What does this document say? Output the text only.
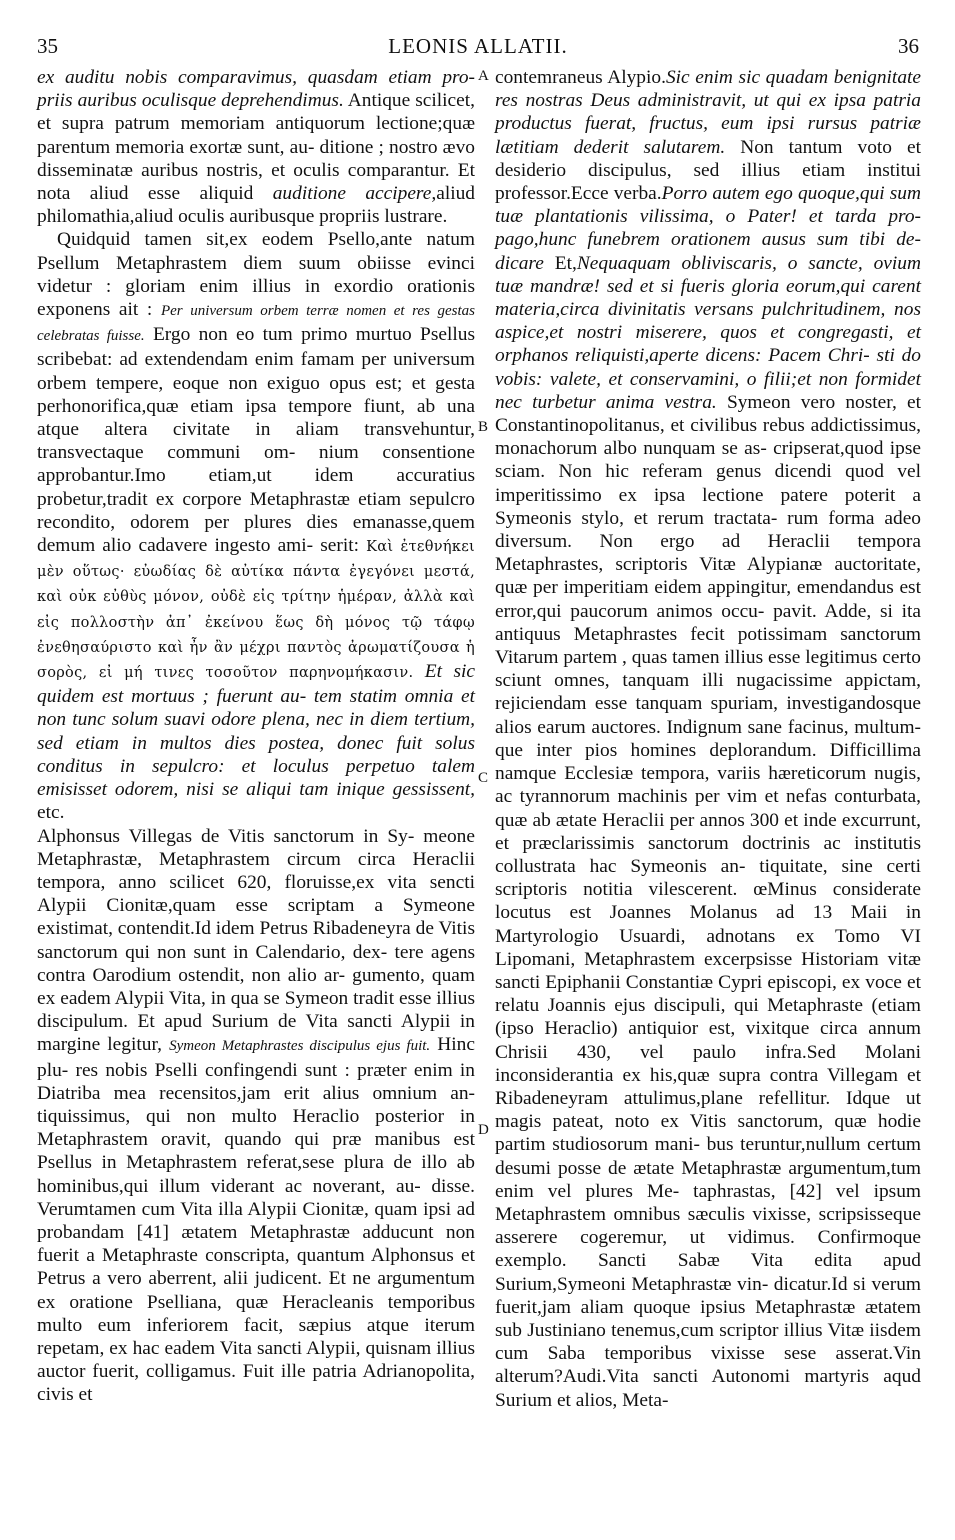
35	LEONIS ALLATII.	36
A
B
C
D

ex auditu nobis comparavimus, quasdam etiam pro- priis auribus oculisque deprehendimus. Antique scilicet, et supra patrum memoriam antiquorum lectione;quæ parentum memoria exortæ sunt, au- ditione ; nostro ævo disseminatæ auribus nostris, et oculis comparantur. Et nota aliud esse aliquid auditione accipere,aliud philomathia,aliud oculis auribusque propriis lustrare.

Quidquid tamen sit,ex eodem Psello,ante natum Psellum Metaphrastem diem suum obiisse evinci videtur : gloriam enim illius in exordio orationis exponens ait : Per universum orbem terræ nomen et res gestas celebratas fuisse. Ergo non eo tum primo murtuo Psellus scribebat: ad extendendam enim famam per universum orbem tempere, eoque non exiguo opus est; et gesta perhonorifica,quæ etiam ipsa tempore fiunt, ab una atque altera civitate in aliam transvehuntur, transvectaque communi om- nium consentione approbantur.Imo etiam,ut idem accuratius probetur,tradit ex corpore Metaphrastæ etiam sepulcro recondito, odorem per plures dies emanasse,quem demum alio cadavere ingesto ami- serit: Καὶ ἐτεθνήκει μὲν οὕτως· εὐωδίας δὲ αὐτίκα πάντα ἐγεγόνει μεστά, καὶ οὐκ εὐθὺς μόνον, οὐδὲ εἰς τρίτην ἡμέραν, ἀλλὰ καὶ εἰς πολλοστὴν ἀπ᾽ ἐκείνου ἕως δὴ μόνος τῷ τάφῳ ἐνεθησαύριστο καὶ ἦν ἂν μέχρι παντὸς ἀρωματίζουσα ἡ σορὸς, εἰ μή τινες τοσοῦτον παρηνομήκασιν. Et sic quidem est mortuus ; fuerunt au- tem statim omnia et non tunc solum suavi odore plena, nec in diem tertium, sed etiam in multos dies postea, donec fuit solus conditus in sepulcro: et loculus perpetuo talem emisisset odorem, nisi se aliqui tam inique gessissent, etc.

Alphonsus Villegas de Vitis sanctorum in Sy- meone Metaphrastæ, Metaphrastem circum circa Heraclii tempora, anno scilicet 620, floruisse,ex vita sencti Alypii Cionitæ,quam esse scriptam a Symeone existimat, contendit.Id idem Petrus Ribadeneyra de Vitis sanctorum qui non sunt in Calendario, dex- tere agens contra Oarodium ostendit, non alio ar- gumento, quam ex eadem Alypii Vita, in qua se Symeon tradit esse illius discipulum. Et apud Surium de Vita sancti Alypii in margine legitur, Symeon Metaphrastes discipulus ejus fuit. Hinc plu- res nobis Pselli confingendi sunt : præter enim in Diatriba mea recensitos,jam erit alius omnium an- tiquissimus, qui non multo Heraclio posterior in Metaphrastem oravit, quando qui præ manibus est Psellus in Metaphrastem referat,sese plura de illo ab hominibus,qui illum viderant ac noverant, au- disse. Verumtamen cum Vita illa Alypii Cionitæ, quam ipsi ad probandam [41] ætatem Metaphrastæ adducunt non fuerit a Metaphraste conscripta, quantum Alphonsus et Petrus a vero aberrent, alii judicent. Et ne argumentum ex oratione Pselliana, quæ Heracleanis temporibus multo eum inferiorem facit, sæpius atque iterum repetam, ex hac eadem Vita sancti Alypii, quisnam illius auctor fuerit, colligamus. Fuit ille patria Adrianopolita, civis et

contemraneus Alypio.Sic enim sic quadam benignitate res nostras Deus administravit, ut qui ex ipsa patria productus fuerat, fructus, eum ipsi rursus patriæ lætitiam dederit salutarem. Non tantum voto et desiderio discipulus, sed illius etiam institui professor.Ecce verba.Porro autem ego quoque,qui sum tuæ plantationis vilissima, o Pater! et tarda pro- pago,hunc funebrem orationem ausus sum tibi de- dicare Et,Nequaquam obliviscaris, o sancte, ovium tuæ mandræ! sed et si fueris gloria eorum,qui carent materia,circa divinitatis versans pulchritudinem, nos aspice,et nostri miserere, quos et congregasti, et orphanos reliquisti,aperte dicens: Pacem Chri- sti do vobis: valete, et conservamini, o filii;et non formidet nec turbetur anima vestra. Symeon vero noster, et Constantinopolitanus, et civilibus rebus addictissimus, monachorum albo nunquam se as- cripserat,quod ipse sciam. Non hic referam genus dicendi quod vel imperitissimo ex ipsa lectione patere poterit a Symeonis stylo, et rerum tractata- rum forma adeo diversum. Non ergo ad Heraclii tempora Metaphrastes, scriptoris Vitæ Alypianæ auctoritate, quæ per imperitiam eidem appingitur, emendandus est error,qui paucorum animos occu- pavit. Adde, si ita antiquus Metaphrastes fecit potissimam sanctorum Vitarum partem , quas tamen illius esse legitimus certo sciunt omnes, tanquam illi nugacissime appictam, rejiciendam esse tanquam spuriam, investigandosque alios earum auctores. Indignum sane facinus, multum- que inter pios homines deplorandum. Difficillima namque Ecclesiæ tempora, variis hæreticorum nugis, ac tyrannorum machinis per vim et nefas conturbata, quæ ab ætate Heraclii per annos 300 et inde excurrunt, et præclarissimis sanctorum doctrinis ac institutis collustrata hac Symeonis an- tiquitate, sine certi scriptoris notitia vilescerent. œMinus considerate locutus est Joannes Molanus ad 13 Maii in Martyrologio Usuardi, adnotans ex Tomo VI Lipomani, Metaphrastem excerpsisse Historiam vitæ sancti Epiphanii Constantiæ Cypri episcopi, ex voce et relatu Joannis ejus discipuli, qui Metaphraste (etiam (ipso Heraclio) antiquior est, vixitque circa annum Chrisii 430, vel paulo infra.Sed Molani inconsiderantia ex his,quæ supra contra Villegam et Ribadeneyram attulimus,plane refellitur. Idque ut magis pateat, noto ex Vitis sanctorum, quæ hodie partim studiosorum mani- bus teruntur,nullum certum desumi posse de ætate Metaphrastæ argumentum,tum enim vel plures Me- taphrastas, [42] vel ipsum Metaphrastem omnibus sæculis vixisse, scripsisseque asserere cogeremur, ut vidimus. Confirmoque exemplo. Sancti Sabæ Vita edita apud Surium,Symeoni Metaphrastæ vin- dicatur.Id si verum fuerit,jam aliam quoque ipsius Metaphrastæ ætatem sub Justiniano tenemus,cum scriptor illius Vitæ iisdem cum Saba temporibus vixisse sese asserat.Vin alterum?Audi.Vita sancti Autonomi martyris aqud Surium et alios, Meta-
